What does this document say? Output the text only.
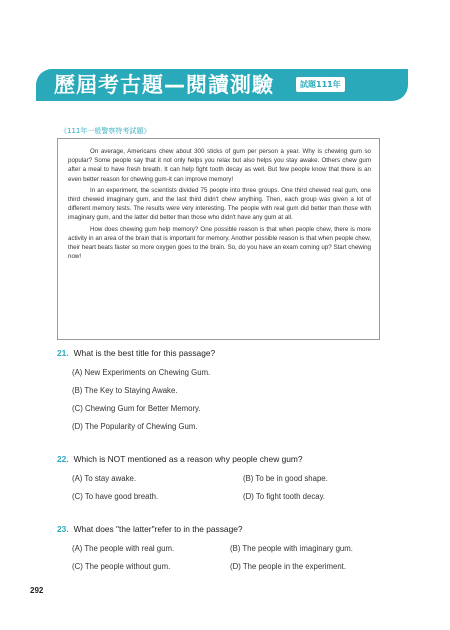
歷屆考古題—閱讀測驗	試題111年
《111年一般警察特考試題》

On average, Americans chew about 300 sticks of gum per person a year. Why is chewing gum so popular? Some people say that it not only helps you relax but also helps you stay awake. Others chew gum after a meal to have fresh breath. It can help fight tooth decay as well. But few people know that there is an even better reason for chewing gum-it can improve memory!

In an experiment, the scientists divided 75 people into three groups. One third chewed real gum, one third chewed imaginary gum, and the last third didn't chew anything. Then, each group was given a lot of different memory tests. The results were very interesting. The people with real gum did better than those with imaginary gum, and the latter did better than those who didn't have any gum at all.

How does chewing gum help memory? One possible reason is that when people chew, there is more activity in an area of the brain that is important for memory. Another possible reason is that when people chew, their heart beats faster so more oxygen goes to the brain. So, do you have an exam coming up? Start chewing now!

21. What is the best title for this passage?
(A) New Experiments on Chewing Gum.
(B) The Key to Staying Awake.
(C) Chewing Gum for Better Memory.
(D) The Popularity of Chewing Gum.
22. Which is NOT mentioned as a reason why people chew gum?
(A) To stay awake.	(B) To be in good shape.
(C) To have good breath.	(D) To fight tooth decay.
23. What does "the latter"refer to in the passage?
(A) The people with real gum.	(B) The people with imaginary gum.
(C) The people without gum.	(D) The people in the experiment.
292
